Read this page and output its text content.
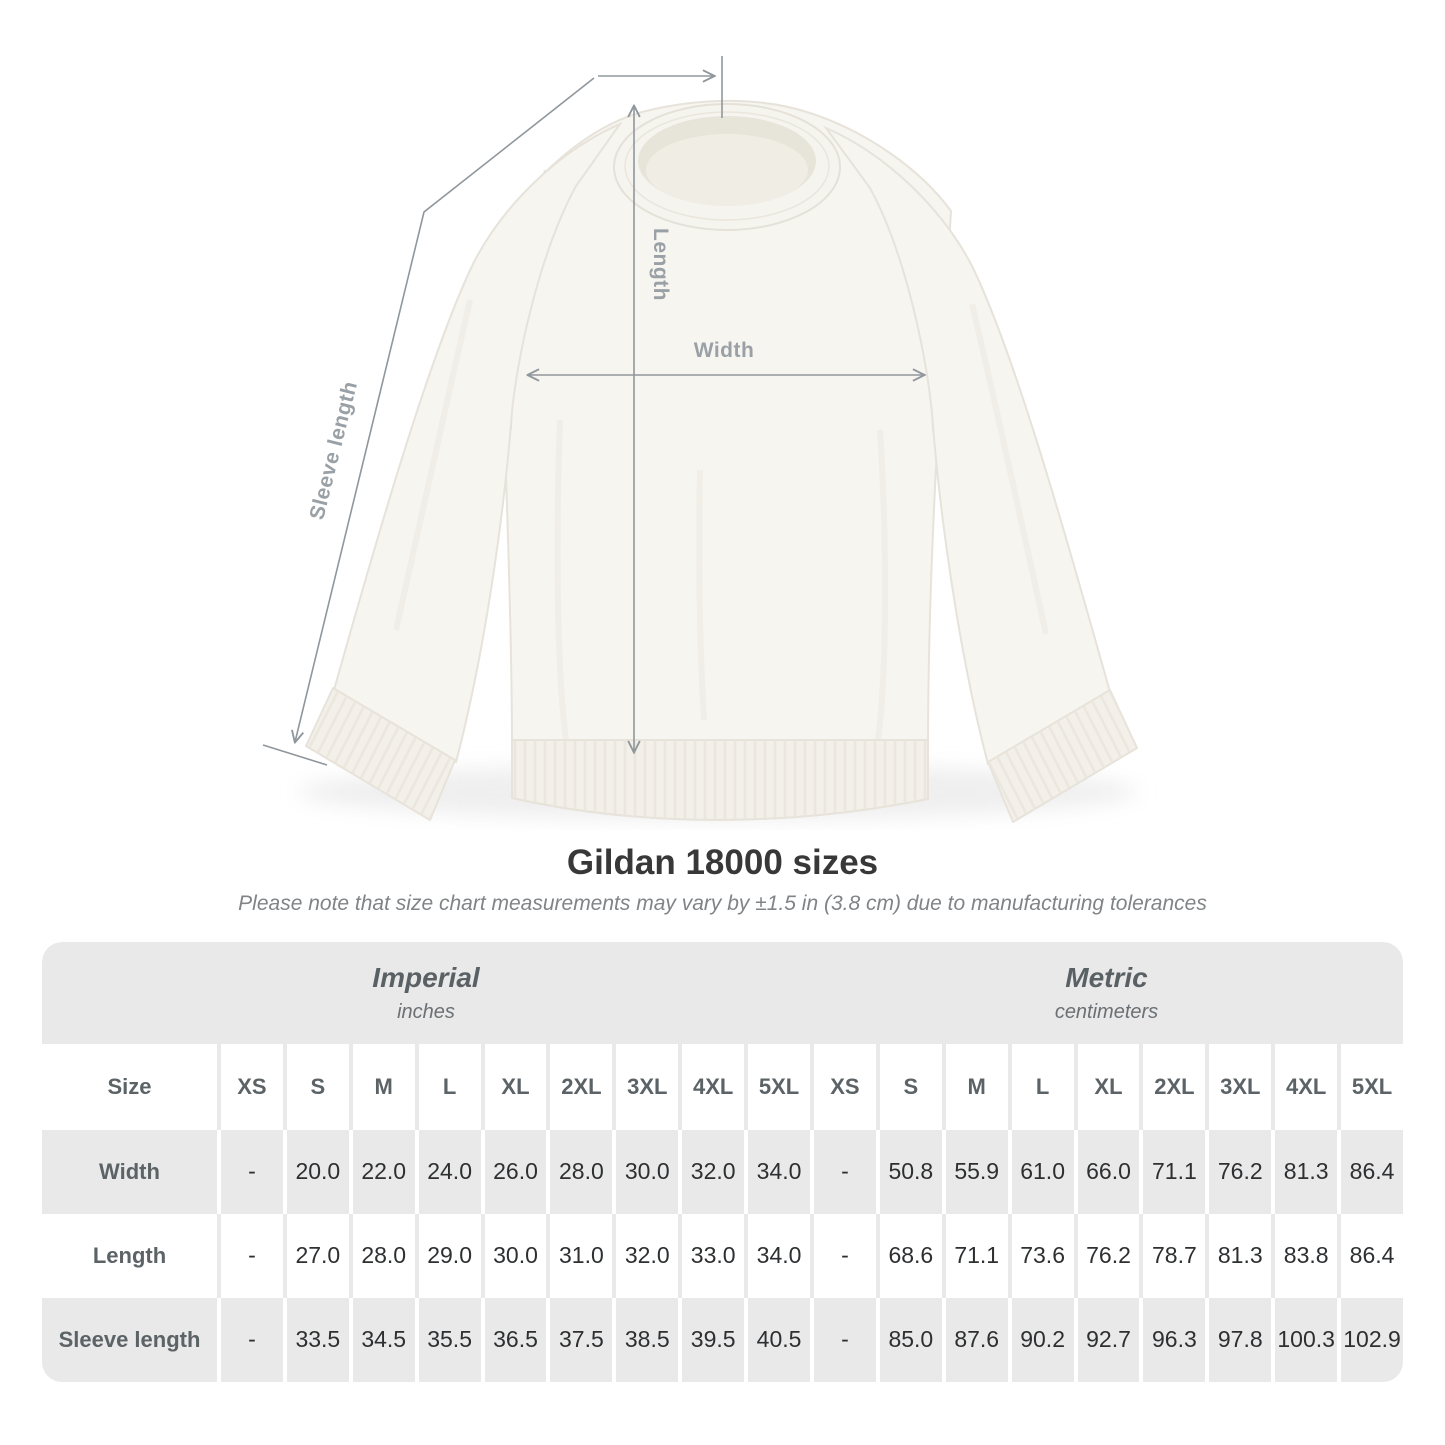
Length
Width
Sleeve length
Gildan 18000 sizes

Please note that size chart measurements may vary by ±1.5 in (3.8 cm) due to manufacturing tolerances

Imperial
inches
Metric
centimeters
Size	XS	S	M	L	XL	2XL	3XL	4XL	5XL	XS	S	M	L	XL	2XL	3XL	4XL	5XL
Width	-	20.0 22.0 24.0 26.0 28.0 30.0 32.0 34.0	-	50.8 55.9 61.0 66.0 71.1 76.2 81.3 86.4
Length	-	27.0 28.0 29.0 30.0 31.0 32.0 33.0 34.0	-	68.6 71.1 73.6 76.2 78.7 81.3 83.8 86.4
Sleeve length	-	33.5 34.5 35.5 36.5 37.5 38.5 39.5 40.5	-	85.0 87.6 90.2 92.7 96.3 97.8 100.3 102.9
